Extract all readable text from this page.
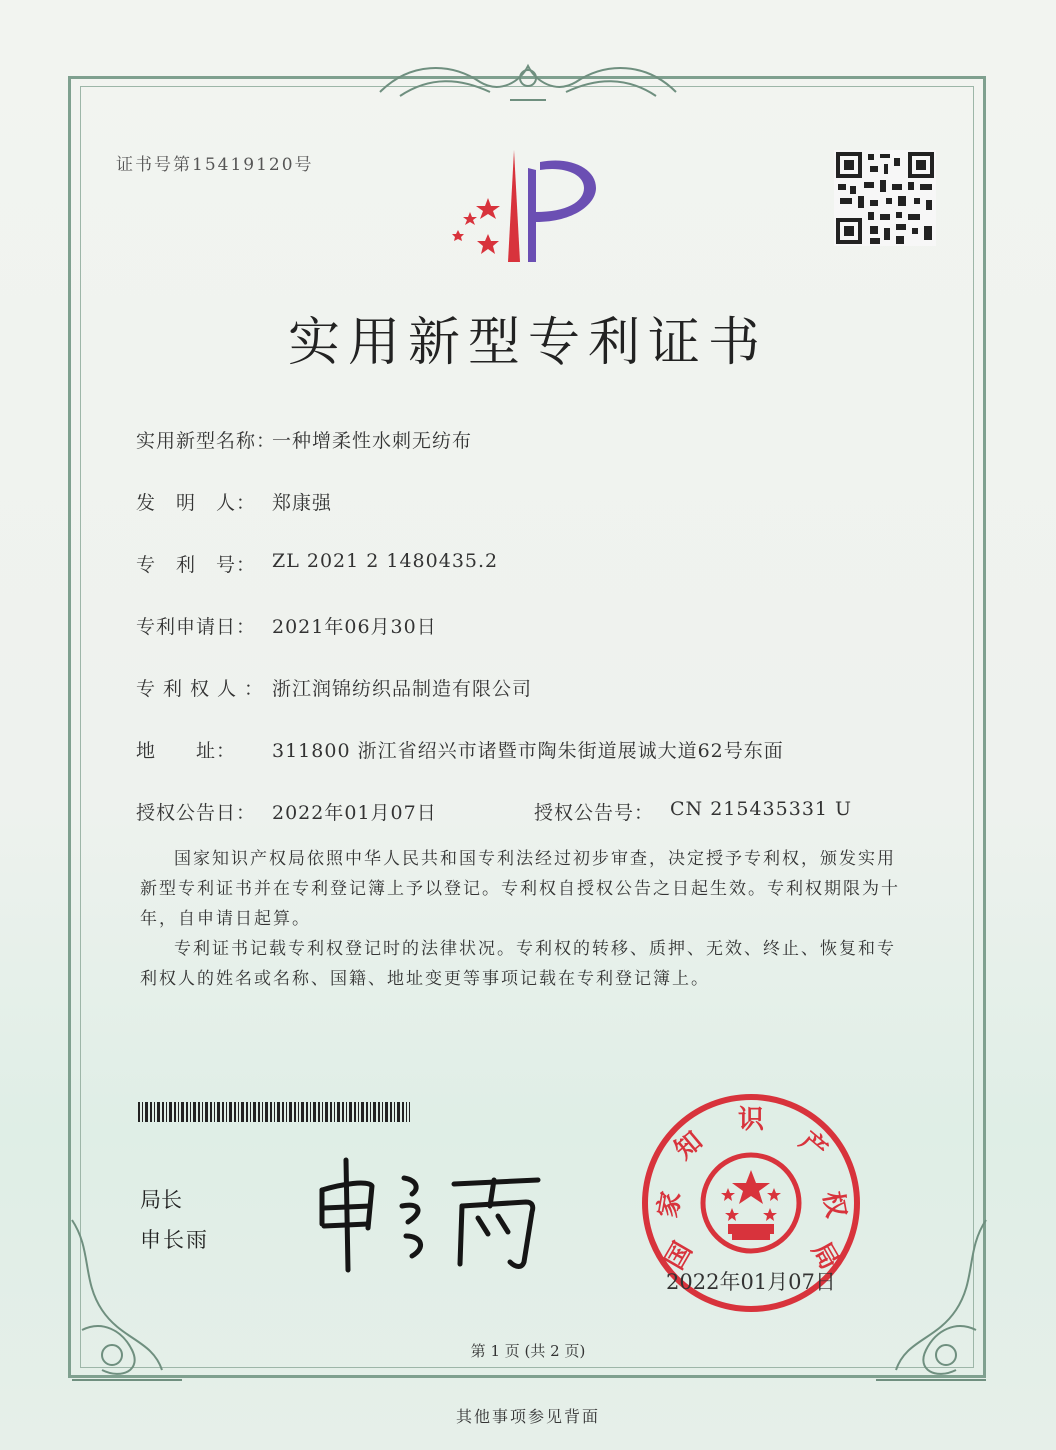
证书号第15419120号
实用新型专利证书
实用新型名称：
一种增柔性水刺无纺布
发　明　人： 郑康强
专　利　号： ZL 2021 2 1480435.2
专利申请日： 2021年06月30日
专利权人： 浙江润锦纺织品制造有限公司
地　　址： 311800 浙江省绍兴市诸暨市陶朱街道展诚大道62号东面
授权公告日： 2022年01月07日	授权公告号： CN 215435331 U
国家知识产权局依照中华人民共和国专利法经过初步审查，决定授予专利权，颁发实用
新型专利证书并在专利登记簿上予以登记。专利权自授权公告之日起生效。专利权期限为十
年，自申请日起算。
专利证书记载专利权登记时的法律状况。专利权的转移、质押、无效、终止、恢复和专
利权人的姓名或名称、国籍、地址变更等事项记载在专利登记簿上。
局长
申长雨	国
家
知
识
产
权
局
2022年01月07日
第 1 页 (共 2 页)
其他事项参见背面
